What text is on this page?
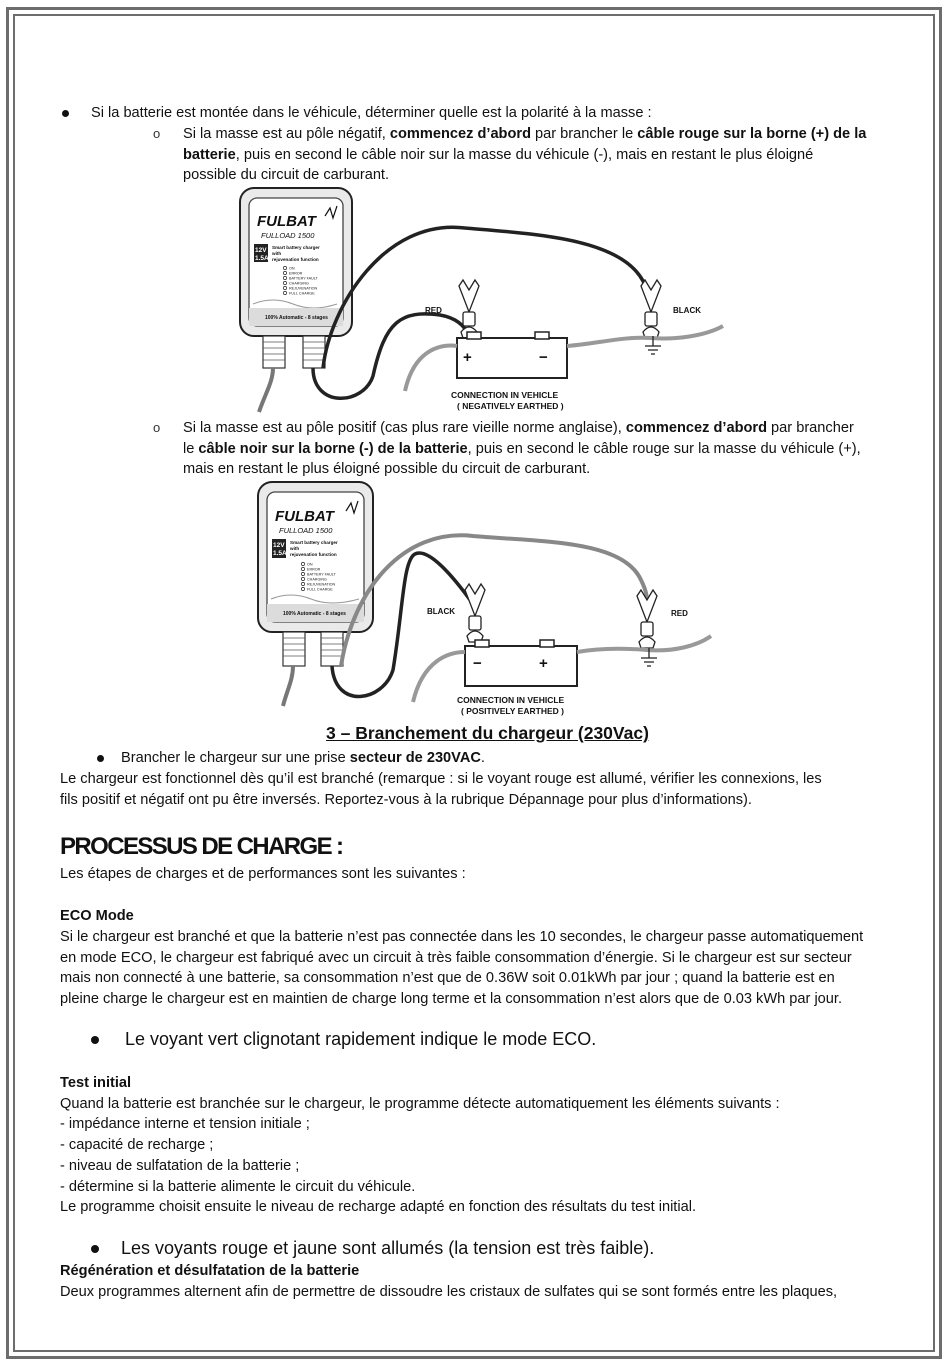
Si la batterie est montée dans le véhicule, déterminer quelle est la polarité à la masse :
o Si la masse est au pôle négatif, commencez d’abord par brancher le câble rouge sur la borne (+) de la
batterie, puis en second le câble noir sur la masse du véhicule (-), mais en restant le plus éloigné
possible du circuit de carburant.
FULBAT
FULLOAD 1500
12V
1.5A
Smart battery charger
with
rejuvenation function
ON
ERROR
BATTERY FAULT
CHARGING
REJUVENATION
FULL CHARGE
100% Automatic - 8 stages
RED	BLACK
+	−
CONNECTION IN VEHICLE
( NEGATIVELY EARTHED )
o Si la masse est au pôle positif (cas plus rare vieille norme anglaise), commencez d’abord par brancher
le câble noir sur la borne (-) de la batterie, puis en second le câble rouge sur la masse du véhicule (+),
mais en restant le plus éloigné possible du circuit de carburant.
FULBAT
FULLOAD 1500
12V
1.5A
Smart battery charger
with
rejuvenation function
ON
ERROR
BATTERY FAULT
CHARGING
REJUVENATION
FULL CHARGE
100% Automatic - 8 stages	BLACK	RED
−	+
CONNECTION IN VEHICLE
( POSITIVELY EARTHED )
3 – Branchement du chargeur (230Vac)
Brancher le chargeur sur une prise secteur de 230VAC.
Le chargeur est fonctionnel dès qu’il est branché (remarque : si le voyant rouge est allumé, vérifier les connexions, les
fils positif et négatif ont pu être inversés. Reportez-vous à la rubrique Dépannage pour plus d’informations).
PROCESSUS DE CHARGE :
Les étapes de charges et de performances sont les suivantes :
ECO Mode
Si le chargeur est branché et que la batterie n’est pas connectée dans les 10 secondes, le chargeur passe automatiquement
en mode ECO, le chargeur est fabriqué avec un circuit à très faible consommation d’énergie. Si le chargeur est sur secteur
mais non connecté à une batterie, sa consommation n’est que de 0.36W soit 0.01kWh par jour ; quand la batterie est en
pleine charge le chargeur est en maintien de charge long terme et la consommation n’est alors que de 0.03 kWh par jour.
Le voyant vert clignotant rapidement indique le mode ECO.
Test initial
Quand la batterie est branchée sur le chargeur, le programme détecte automatiquement les éléments suivants :
- impédance interne et tension initiale ;
- capacité de recharge ;
- niveau de sulfatation de la batterie ;
- détermine si la batterie alimente le circuit du véhicule.
Le programme choisit ensuite le niveau de recharge adapté en fonction des résultats du test initial.
Les voyants rouge et jaune sont allumés (la tension est très faible).
Régénération et désulfatation de la batterie
Deux programmes alternent afin de permettre de dissoudre les cristaux de sulfates qui se sont formés entre les plaques,
